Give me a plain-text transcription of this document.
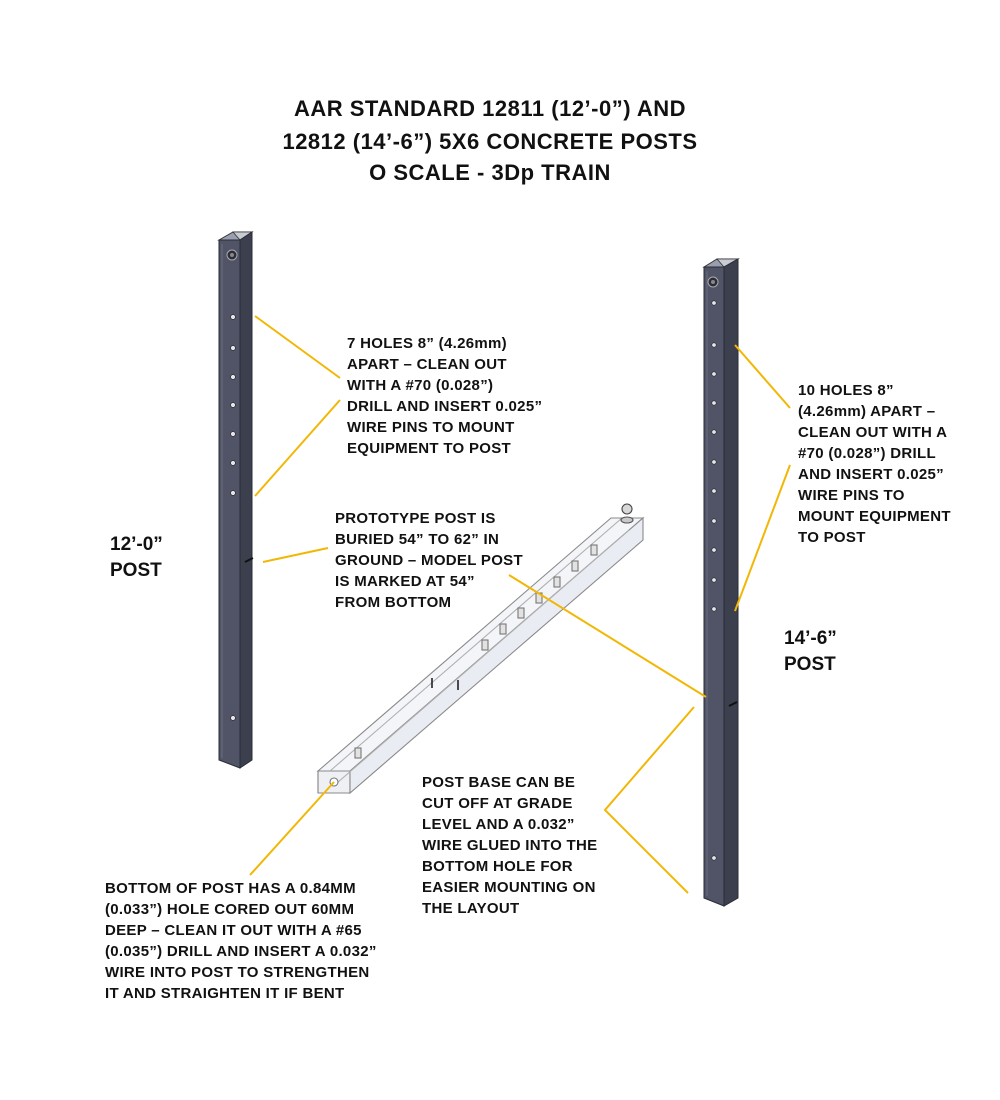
AAR STANDARD 12811 (12’-0”) AND
12812 (14’-6”) 5X6 CONCRETE POSTS
O SCALE - 3Dp TRAIN
7 HOLES 8” (4.26mm)
APART – CLEAN OUT
WITH A #70 (0.028”)
DRILL AND INSERT 0.025”
WIRE PINS TO MOUNT
EQUIPMENT TO POST
10 HOLES 8”
(4.26mm) APART –
CLEAN OUT WITH A
#70 (0.028”) DRILL
AND INSERT 0.025”
WIRE PINS TO
MOUNT EQUIPMENT
TO POST
PROTOTYPE POST IS
BURIED 54” TO 62” IN
GROUND – MODEL POST
IS MARKED AT 54”
FROM BOTTOM
POST BASE CAN BE
CUT OFF AT GRADE
LEVEL AND A 0.032”
WIRE GLUED INTO THE
BOTTOM HOLE FOR
EASIER MOUNTING ON
THE LAYOUT
BOTTOM OF POST HAS A 0.84MM
(0.033”) HOLE CORED OUT 60MM
DEEP – CLEAN IT OUT WITH A #65
(0.035”) DRILL AND INSERT A 0.032”
WIRE INTO POST TO STRENGTHEN
IT AND STRAIGHTEN IT IF BENT
12’-0”
POST
14’-6”
POST
